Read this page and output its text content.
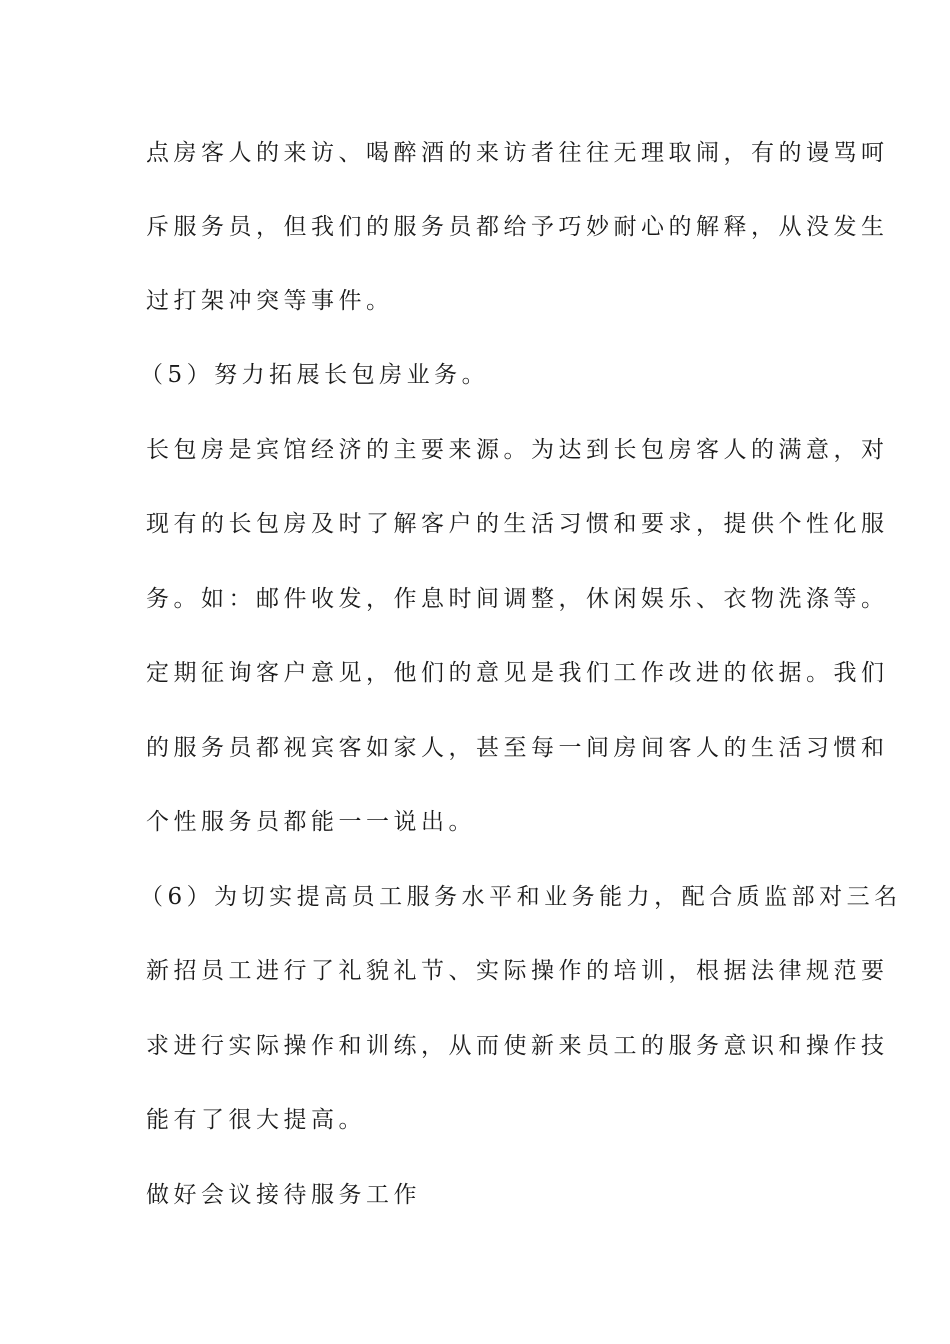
点房客人的来访、喝醉酒的来访者往往无理取闹，有的谩骂呵
斥服务员，但我们的服务员都给予巧妙耐心的解释，从没发生
过打架冲突等事件。
（5）努力拓展长包房业务。
长包房是宾馆经济的主要来源。为达到长包房客人的满意，对
现有的长包房及时了解客户的生活习惯和要求，提供个性化服
务。如：邮件收发，作息时间调整，休闲娱乐、衣物洗涤等。
定期征询客户意见，他们的意见是我们工作改进的依据。我们
的服务员都视宾客如家人，甚至每一间房间客人的生活习惯和
个性服务员都能一一说出。
（6）为切实提高员工服务水平和业务能力，配合质监部对三名
新招员工进行了礼貌礼节、实际操作的培训，根据法律规范要
求进行实际操作和训练，从而使新来员工的服务意识和操作技
能有了很大提高。
做好会议接待服务工作
